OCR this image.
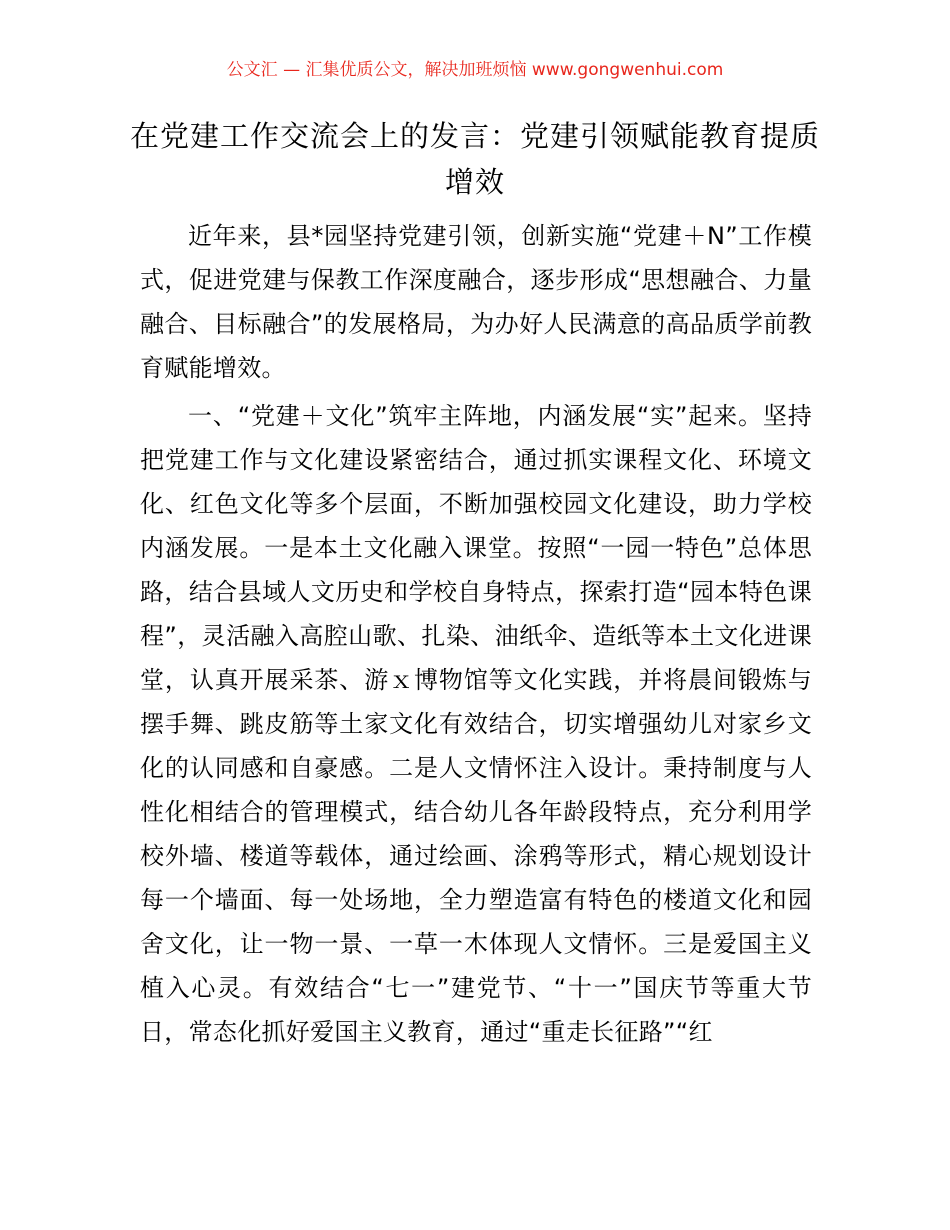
公文汇 — 汇集优质公文，解决加班烦恼 www.gongwenhui.com
在党建工作交流会上的发言：党建引领赋能教育提质增效

近年来，县*园坚持党建引领，创新实施“党建＋N”工作模式，促进党建与保教工作深度融合，逐步形成“思想融合、力量融合、目标融合”的发展格局，为办好人民满意的高品质学前教育赋能增效。

一、“党建＋文化”筑牢主阵地，内涵发展“实”起来。坚持把党建工作与文化建设紧密结合，通过抓实课程文化、环境文化、红色文化等多个层面，不断加强校园文化建设，助力学校内涵发展。一是本土文化融入课堂。按照“一园一特色”总体思路，结合县域人文历史和学校自身特点，探索打造“园本特色课程”，灵活融入高腔山歌、扎染、油纸伞、造纸等本土文化进课堂，认真开展采茶、游ｘ博物馆等文化实践，并将晨间锻炼与摆手舞、跳皮筋等土家文化有效结合，切实增强幼儿对家乡文化的认同感和自豪感。二是人文情怀注入设计。秉持制度与人性化相结合的管理模式，结合幼儿各年龄段特点，充分利用学校外墙、楼道等载体，通过绘画、涂鸦等形式，精心规划设计每一个墙面、每一处场地，全力塑造富有特色的楼道文化和园舍文化，让一物一景、一草一木体现人文情怀。三是爱国主义植入心灵。有效结合“七一”建党节、“十一”国庆节等重大节日，常态化抓好爱国主义教育，通过“重走长征路”“红
